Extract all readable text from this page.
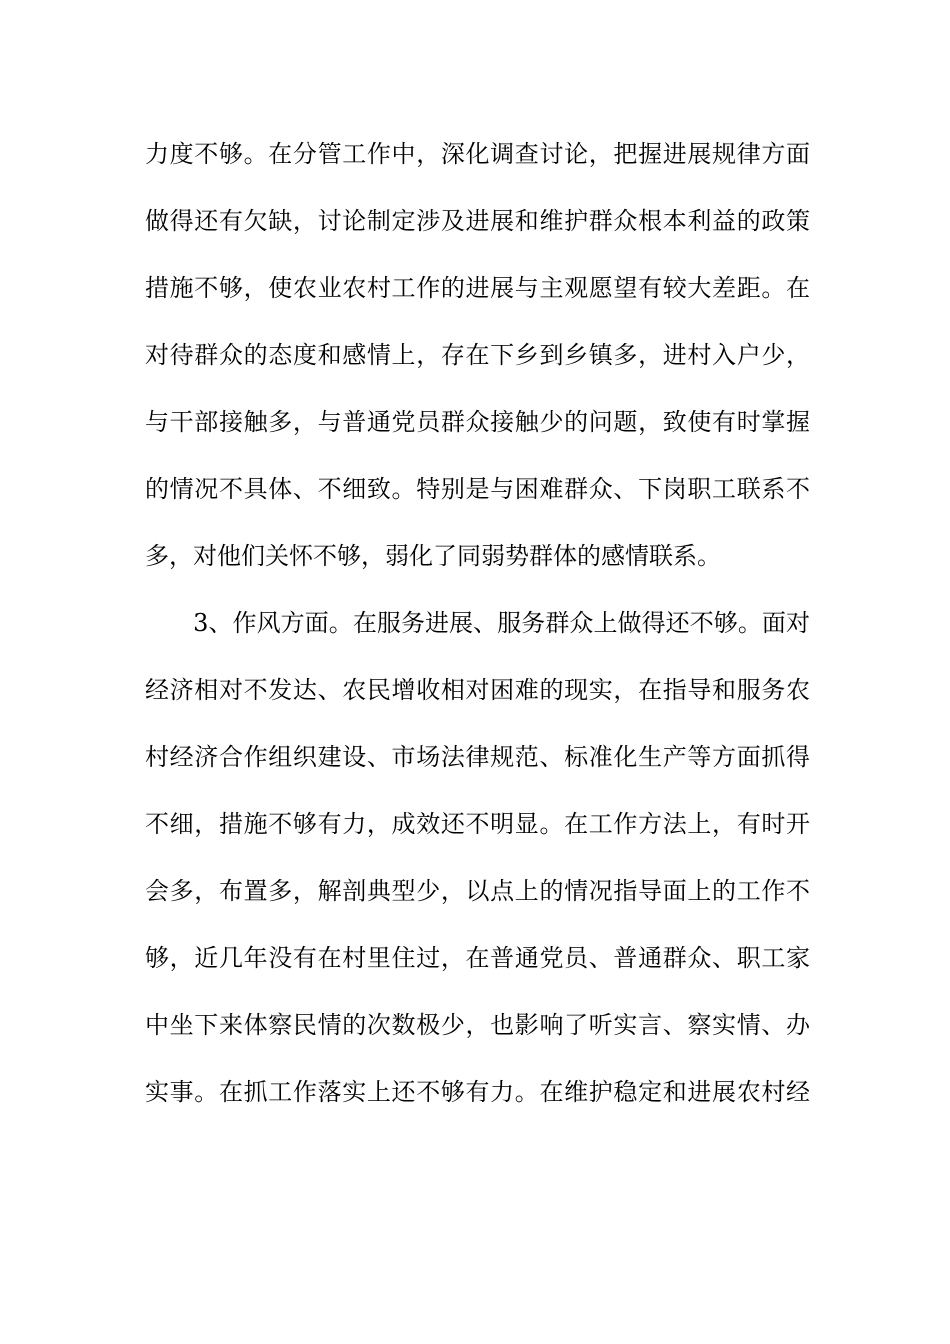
力度不够。在分管工作中，深化调查讨论，把握进展规律方面
做得还有欠缺，讨论制定涉及进展和维护群众根本利益的政策
措施不够，使农业农村工作的进展与主观愿望有较大差距。在
对待群众的态度和感情上，存在下乡到乡镇多，进村入户少，
与干部接触多，与普通党员群众接触少的问题，致使有时掌握
的情况不具体、不细致。特别是与困难群众、下岗职工联系不
多，对他们关怀不够，弱化了同弱势群体的感情联系。
　　3、作风方面。在服务进展、服务群众上做得还不够。面对
经济相对不发达、农民增收相对困难的现实，在指导和服务农
村经济合作组织建设、市场法律规范、标准化生产等方面抓得
不细，措施不够有力，成效还不明显。在工作方法上，有时开
会多，布置多，解剖典型少，以点上的情况指导面上的工作不
够，近几年没有在村里住过，在普通党员、普通群众、职工家
中坐下来体察民情的次数极少，也影响了听实言、察实情、办
实事。在抓工作落实上还不够有力。在维护稳定和进展农村经
